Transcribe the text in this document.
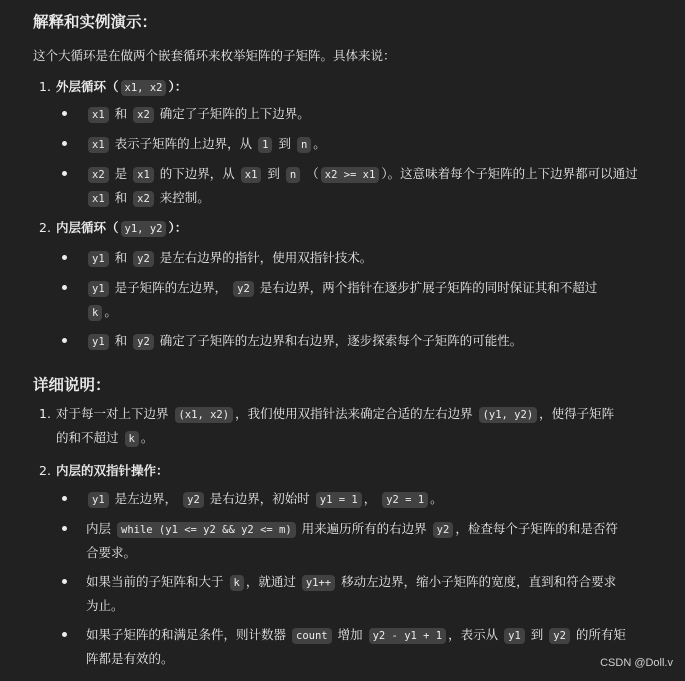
解释和实例演示：
这个大循环是在做两个嵌套循环来枚举矩阵的子矩阵。具体来说：
1. 外层循环（ x1, x2 ）：
x1 和 x2 确定了子矩阵的上下边界。
x1 表示子矩阵的上边界，从 1 到 n 。
x2 是 x1 的下边界，从 x1 到 n （ x2 >= x1 ）。这意味着每个子矩阵的上下边界都可以通过
x1 和 x2 来控制。
2. 内层循环（ y1, y2 ）：
y1 和 y2 是左右边界的指针，使用双指针技术。
y1 是子矩阵的左边界， y2 是右边界，两个指针在逐步扩展子矩阵的同时保证其和不超过
k 。
y1 和 y2 确定了子矩阵的左边界和右边界，逐步探索每个子矩阵的可能性。
详细说明：
1. 对于每一对上下边界 (x1, x2) ，我们使用双指针法来确定合适的左右边界 (y1, y2) ，使得子矩阵
的和不超过 k 。
2. 内层的双指针操作：
y1 是左边界， y2 是右边界，初始时 y1 = 1 ， y2 = 1 。
内层 while (y1 <= y2 && y2 <= m) 用来遍历所有的右边界 y2 ，检查每个子矩阵的和是否符
合要求。
如果当前的子矩阵和大于 k ，就通过 y1++ 移动左边界，缩小子矩阵的宽度，直到和符合要求
为止。
如果子矩阵的和满足条件，则计数器 count 增加 y2 - y1 + 1 ，表示从 y1 到 y2 的所有矩
阵都是有效的。	CSDN @Doll.v
